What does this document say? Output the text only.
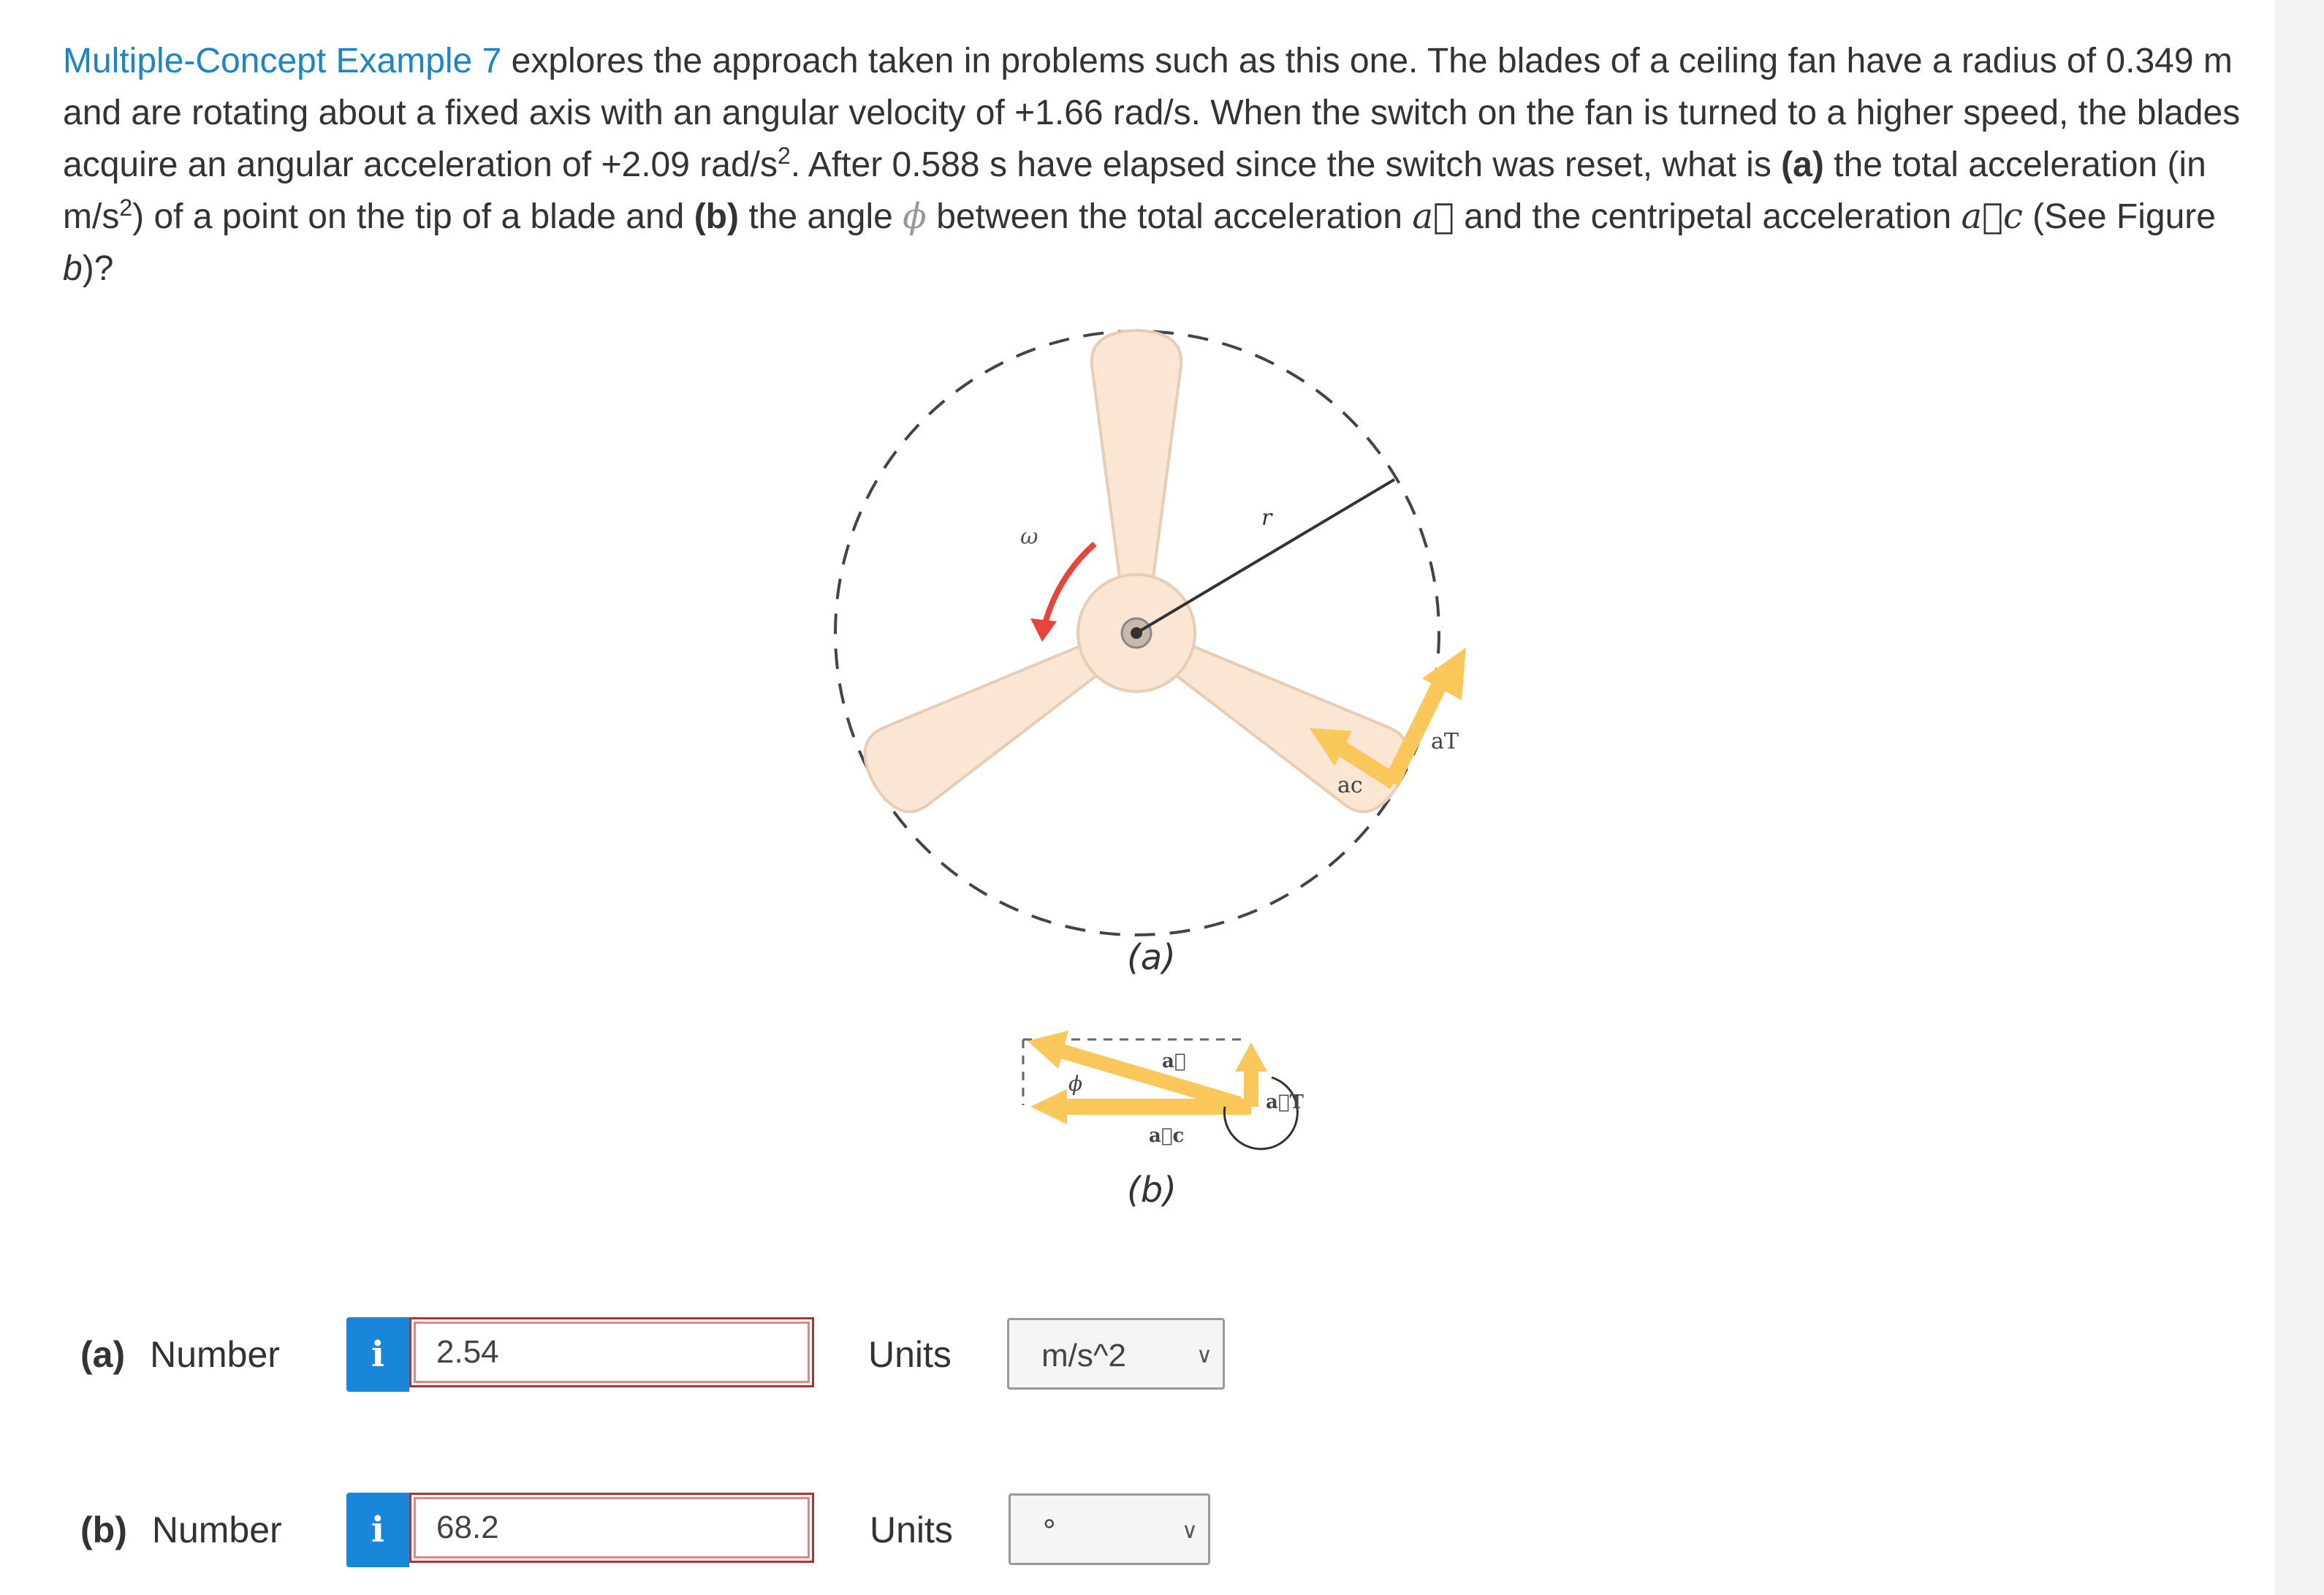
Multiple-Concept Example 7 explores the approach taken in problems such as this one. The blades of a ceiling fan have a radius of 0.349 m and are rotating about a fixed axis with an angular velocity of +1.66 rad/s. When the switch on the fan is turned to a higher speed, the blades acquire an angular acceleration of +2.09 rad/$s^2$. After 0.588 s have elapsed since the switch was reset, what is (a) the total acceleration (in $m/s^2$) of a point on the tip of a blade and (b) the angle ϕ between the total acceleration a⃗ and the centripetal acceleration a⃗c (See Figure b)?
r
ω
aT
ac
(a)
ϕ
a⃗
a⃗T
a⃗c
(b)
(a) Number	i	2.54	Units	m/s^2	∨
(b) Number	i	68.2	Units	°	∨
